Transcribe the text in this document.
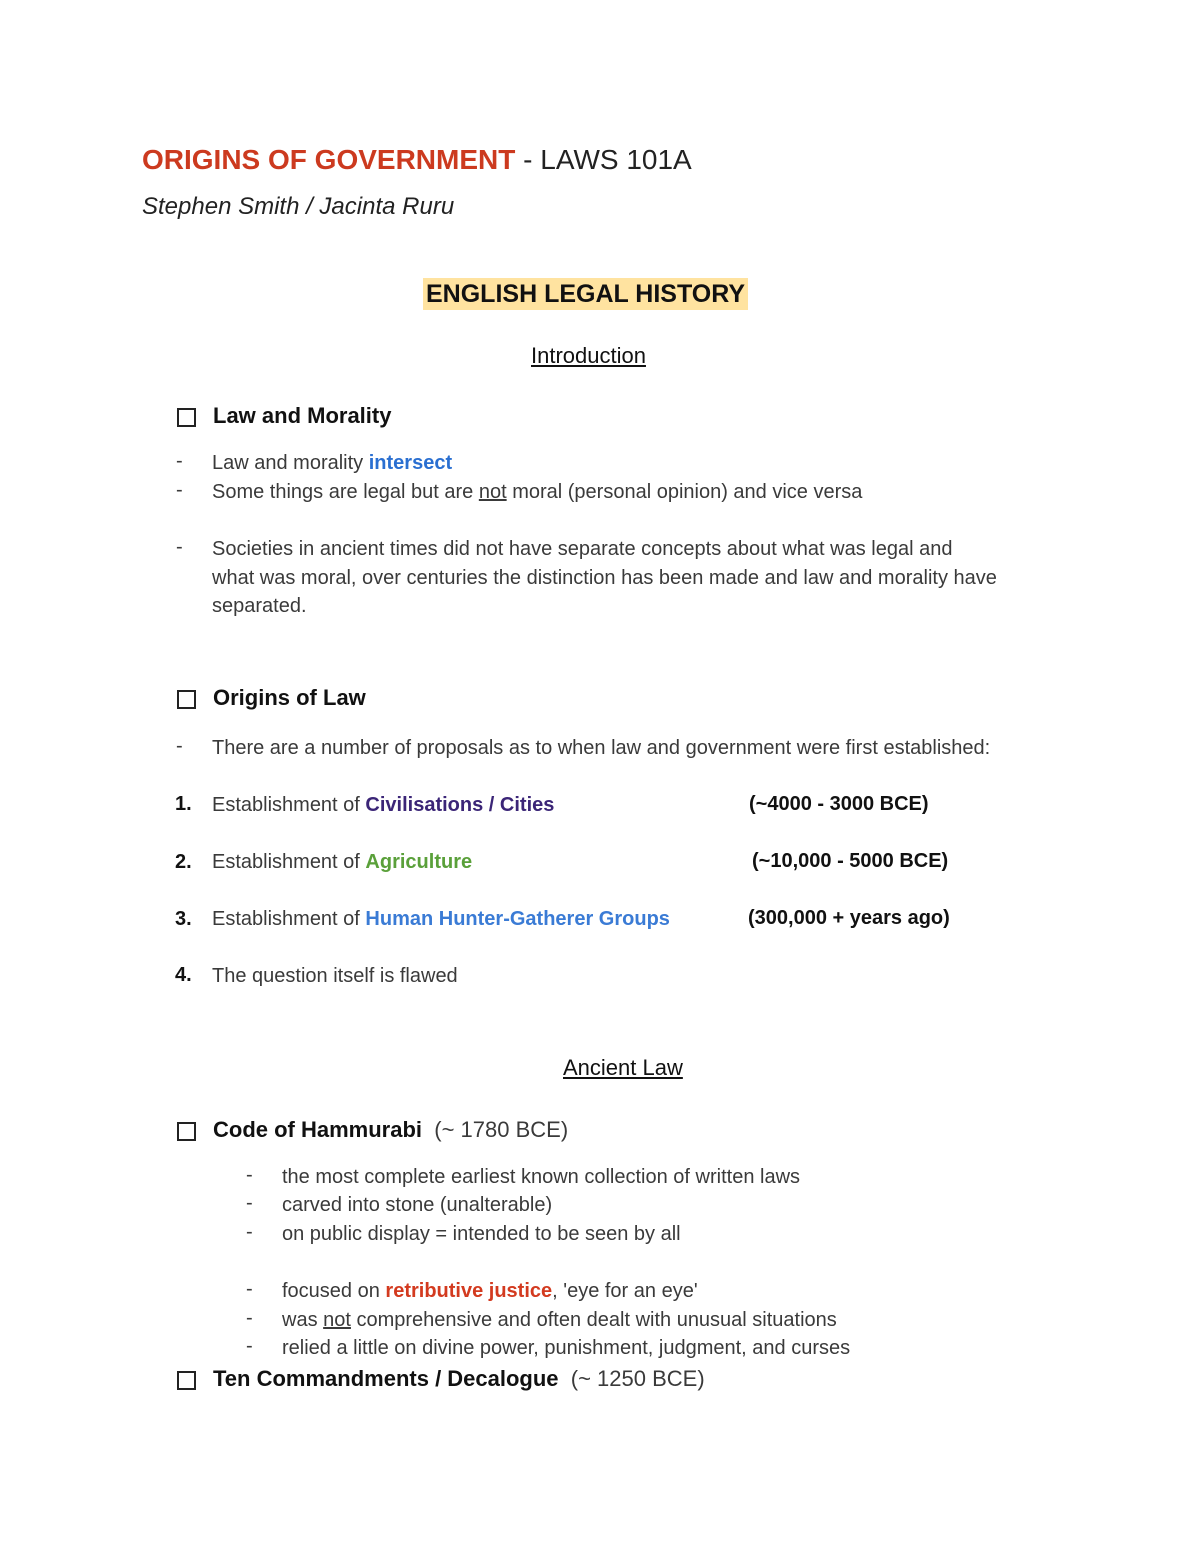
ORIGINS OF GOVERNMENT - LAWS 101A
Stephen Smith / Jacinta Ruru
ENGLISH LEGAL HISTORY
Introduction
Law and Morality
- Law and morality intersect
- Some things are legal but are not moral (personal opinion) and vice versa
- Societies in ancient times did not have separate concepts about what was legal and
what was moral, over centuries the distinction has been made and law and morality have
separated.
Origins of Law
- There are a number of proposals as to when law and government were first established:
1. Establishment of Civilisations / Cities	(~4000 - 3000 BCE)
2. Establishment of Agriculture	(~10,000 - 5000 BCE)
3. Establishment of Human Hunter-Gatherer Groups	(300,000 + years ago)
4. The question itself is flawed
Ancient Law
Code of Hammurabi  (~ 1780 BCE)
- the most complete earliest known collection of written laws
- carved into stone (unalterable)
- on public display = intended to be seen by all
- focused on retributive justice, 'eye for an eye'
- was not comprehensive and often dealt with unusual situations
- relied a little on divine power, punishment, judgment, and curses
Ten Commandments / Decalogue  (~ 1250 BCE)
